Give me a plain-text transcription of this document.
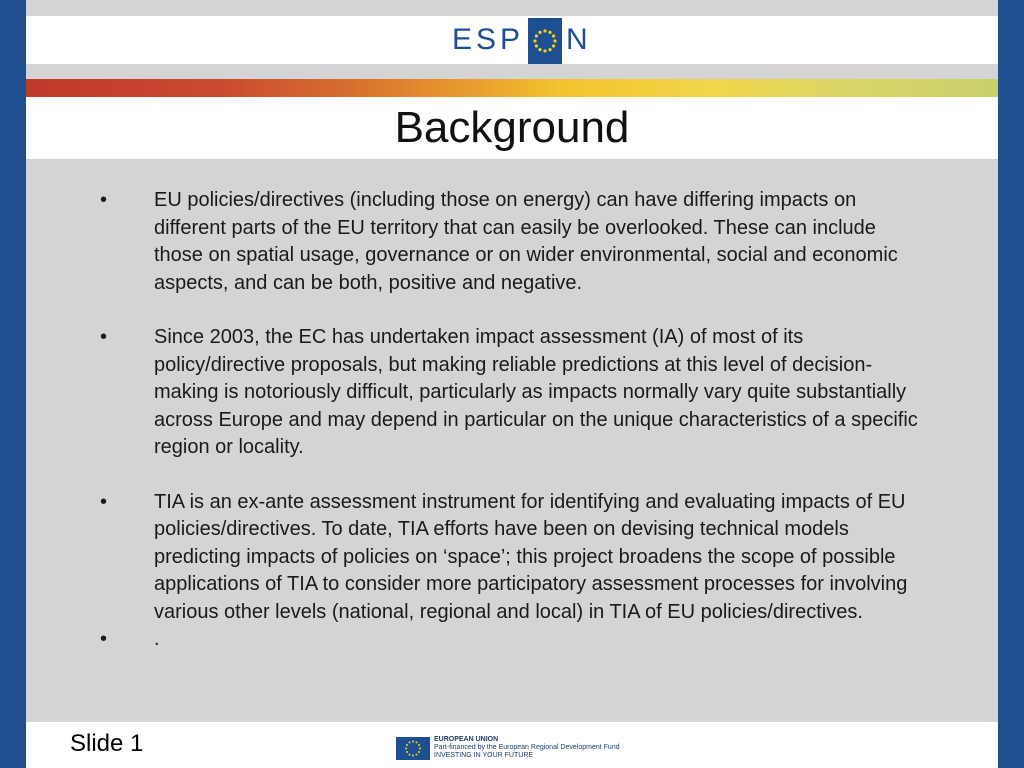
ESP N
Background
•	EU policies/directives (including those on energy) can have differing impacts on different parts of the EU territory that can easily be overlooked. These can include those on spatial usage, governance or on wider environmental, social and economic aspects, and can be both, positive and negative.
•	Since 2003, the EC has undertaken impact assessment (IA) of most of its policy/directive proposals, but making reliable predictions at this level of decision-making is notoriously difficult, particularly as impacts normally vary quite substantially across Europe and may depend in particular on the unique characteristics of a specific region or locality.
•	TIA is an ex-ante assessment instrument for identifying and evaluating impacts of EU policies/directives. To date, TIA efforts have been on devising technical models predicting impacts of policies on ‘space’; this project broadens the scope of possible applications of TIA to consider more participatory assessment processes for involving various other levels (national, regional and local) in TIA of EU policies/directives.
•	.
Slide 1	EUROPEAN UNION
Part-financed by the European Regional Development Fund
INVESTING IN YOUR FUTURE
